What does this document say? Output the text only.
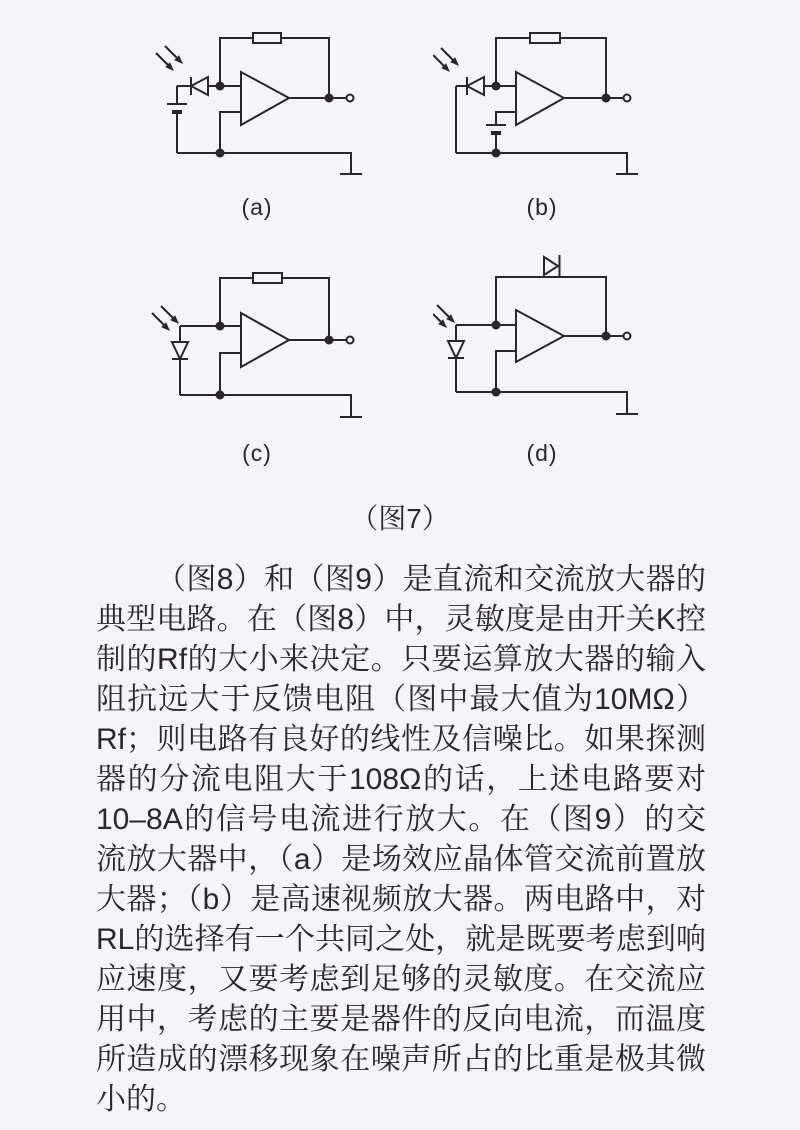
(a)	(b)
(c)	(d)
（图7）

（图8）和（图9）是直流和交流放大器的典型电路。在（图8）中，灵敏度是由开关K控制的Rf的大小来决定。只要运算放大器的输入阻抗远大于反馈电阻（图中最大值为10MΩ）Rf；则电路有良好的线性及信噪比。如果探测器的分流电阻大于108Ω的话，上述电路要对10–8A的信号电流进行放大。在（图9）的交流放大器中，（a）是场效应晶体管交流前置放大器；（b）是高速视频放大器。两电路中，对RL的选择有一个共同之处，就是既要考虑到响应速度，又要考虑到足够的灵敏度。在交流应用中，考虑的主要是器件的反向电流，而温度所造成的漂移现象在噪声所占的比重是极其微小的。
